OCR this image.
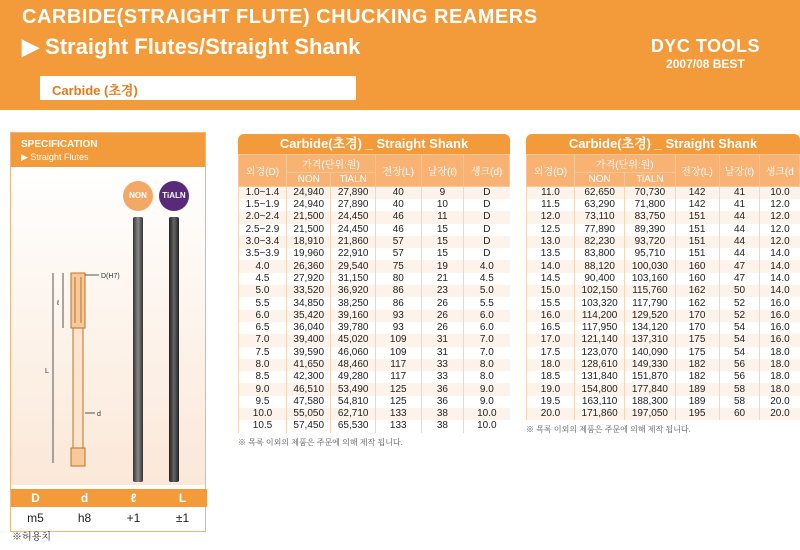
CARBIDE(STRAIGHT FLUTE) CHUCKING REAMERS
▶ Straight Flutes/Straight Shank	DYC TOOLS
2007/08 BEST
Carbide (초경)
SPECIFICATION
▶ Straight Flutes
NON	TiALN
D(H7)
ℓ
L
d
D	d	ℓ	L
m5	h8	+1	±1
※허용치
Carbide(초경) _ Straight Shank
외경(D)	가격(단위:원)		전장(L)	날장(ℓ)	섕크(d)
	NON	TiALN			
1.0~1.4	24,940	27,890	40	9	D
1.5~1.9	24,940	27,890	40	10	D
2.0~2.4	21,500	24,450	46	11	D
2.5~2.9	21,500	24,450	46	15	D
3.0~3.4	18,910	21,860	57	15	D
3.5~3.9	19,960	22,910	57	15	D
4.0	26,360	29,540	75	19	4.0
4.5	27,920	31,150	80	21	4.5
5.0	33,520	36,920	86	23	5.0
5.5	34,850	38,250	86	26	5.5
6.0	35,420	39,160	93	26	6.0
6.5	36,040	39,780	93	26	6.0
7.0	39,400	45,020	109	31	7.0
7.5	39,590	46,060	109	31	7.0
8.0	41,650	48,460	117	33	8.0
8.5	42,300	49,280	117	33	8.0
9.0	46,510	53,490	125	36	9.0
9.5	47,580	54,810	125	36	9.0
10.0	55,050	62,710	133	38	10.0
10.5	57,450	65,530	133	38	10.0
※ 목록 이외의 제품은 주문에 의해 제작 됩니다.
Carbide(초경) _ Straight Shank
외경(D)	가격(단위:원)		전장(L)	날장(ℓ)	섕크(d
	NON	TiALN			
11.0	62,650	70,730	142	41	10.0
11.5	63,290	71,800	142	41	12.0
12.0	73,110	83,750	151	44	12.0
12.5	77,890	89,390	151	44	12.0
13.0	82,230	93,720	151	44	12.0
13.5	83,800	95,710	151	44	14.0
14.0	88,120	100,030	160	47	14.0
14.5	90,400	103,160	160	47	14.0
15.0	102,150	115,760	162	50	14.0
15.5	103,320	117,790	162	52	16.0
16.0	114,200	129,520	170	52	16.0
16.5	117,950	134,120	170	54	16.0
17.0	121,140	137,310	175	54	16.0
17.5	123,070	140,090	175	54	18.0
18.0	128,610	149,330	182	56	18.0
18.5	131,840	151,870	182	56	18.0
19.0	154,800	177,840	189	58	18.0
19.5	163,110	188,300	189	58	20.0
20.0	171,860	197,050	195	60	20.0
※ 목록 이외의 제품은 주문에 의해 제작 됩니다.
